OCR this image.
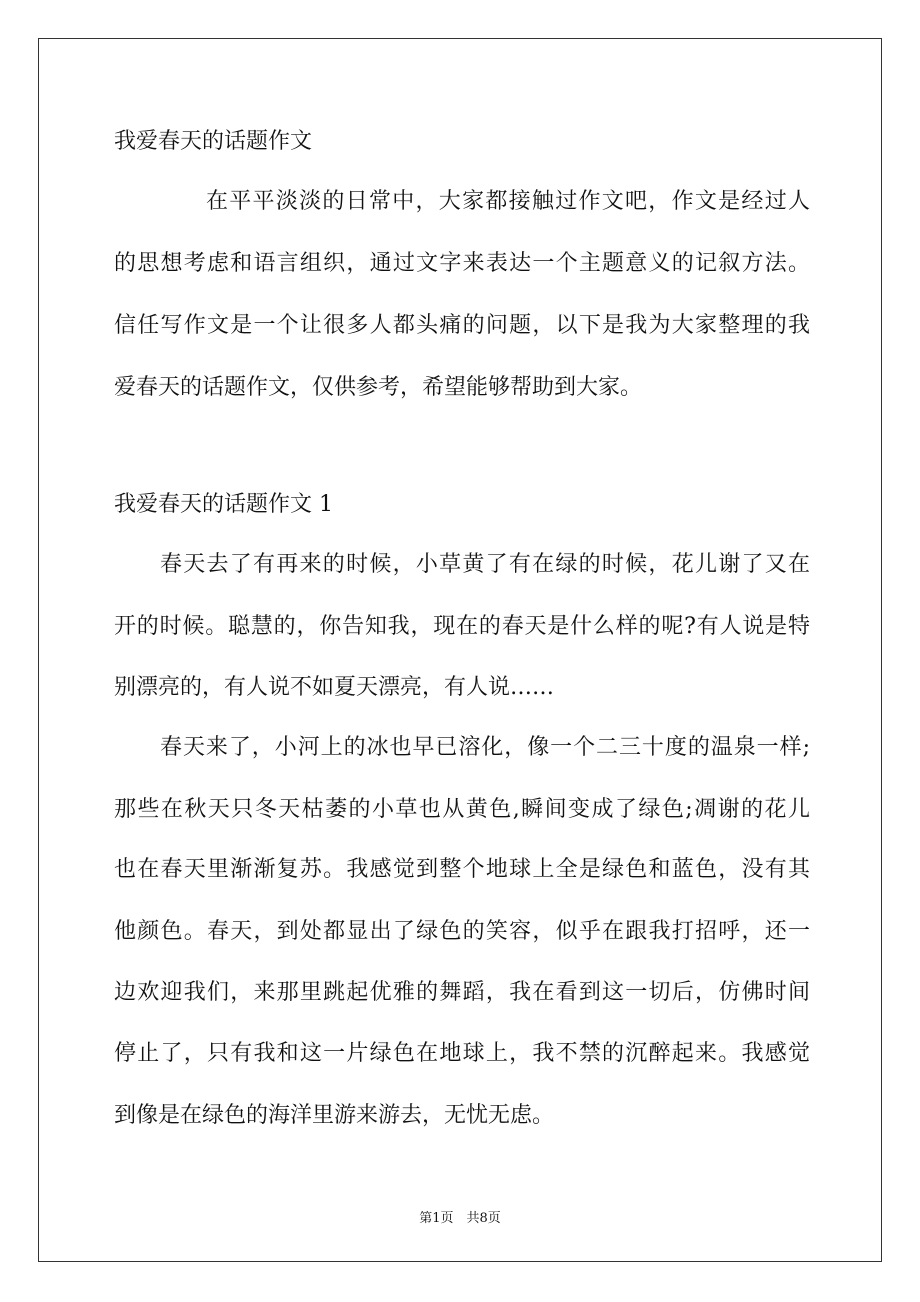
我爱春天的话题作文
在平平淡淡的日常中，大家都接触过作文吧，作文是经过人
的思想考虑和语言组织，通过文字来表达一个主题意义的记叙方法。
信任写作文是一个让很多人都头痛的问题，以下是我为大家整理的我
爱春天的话题作文，仅供参考，希望能够帮助到大家。
我爱春天的话题作文 1
春天去了有再来的时候，小草黄了有在绿的时候，花儿谢了又在
开的时候。聪慧的，你告知我，现在的春天是什么样的呢?有人说是特
别漂亮的，有人说不如夏天漂亮，有人说……
春天来了，小河上的冰也早已溶化，像一个二三十度的温泉一样;
那些在秋天只冬天枯萎的小草也从黄色,瞬间变成了绿色;凋谢的花儿
也在春天里渐渐复苏。我感觉到整个地球上全是绿色和蓝色，没有其
他颜色。春天，到处都显出了绿色的笑容，似乎在跟我打招呼，还一
边欢迎我们，来那里跳起优雅的舞蹈，我在看到这一切后，仿佛时间
停止了，只有我和这一片绿色在地球上，我不禁的沉醉起来。我感觉
到像是在绿色的海洋里游来游去，无忧无虑。
第1页　共8页
